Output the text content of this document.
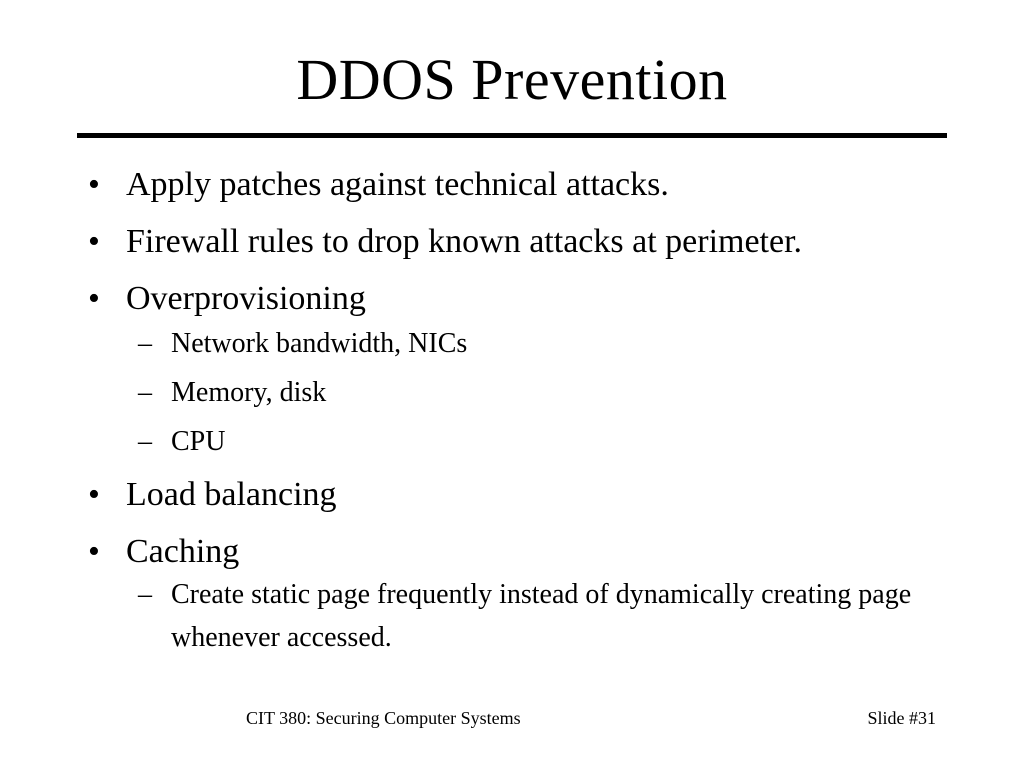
DDOS Prevention
• Apply patches against technical attacks.
• Firewall rules to drop known attacks at perimeter.
• Overprovisioning
– Network bandwidth, NICs
– Memory, disk
– CPU
• Load balancing
• Caching
– Create static page frequently instead of dynamically creating page whenever accessed.
CIT 380: Securing Computer Systems	Slide #31
